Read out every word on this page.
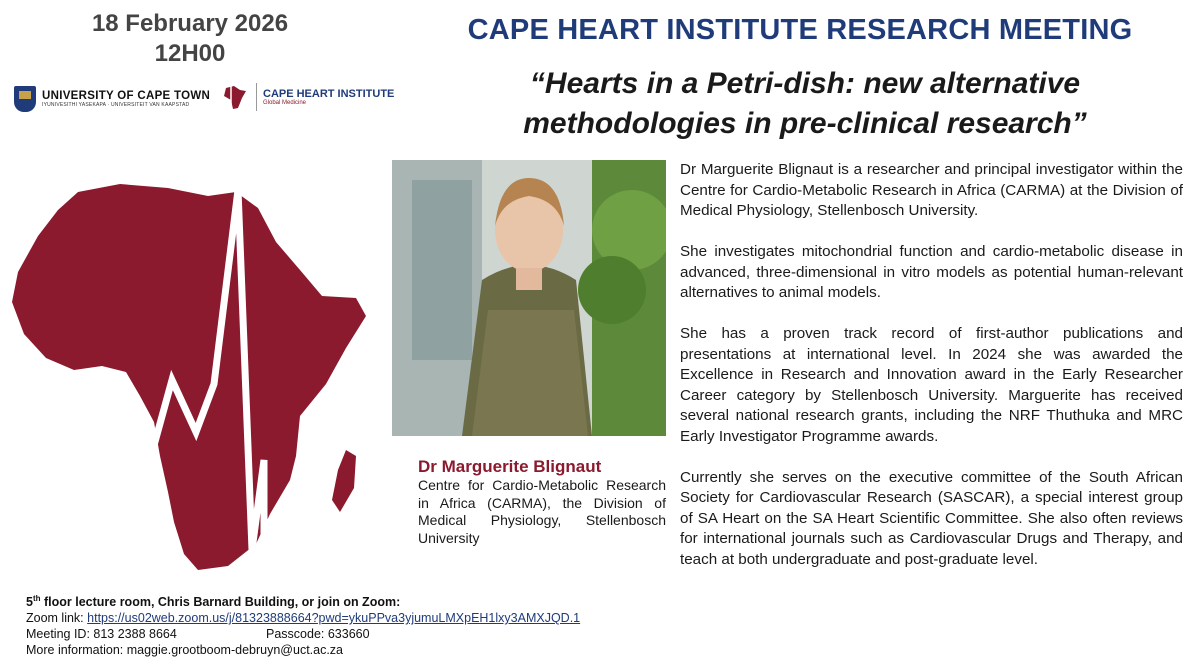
18 February 2026
12H00
CAPE HEART INSTITUTE RESEARCH MEETING
“Hearts in a Petri-dish: new alternative methodologies in pre-clinical research”
UNIVERSITY OF CAPE TOWN
IYUNIVESITHI YASEKAPA · UNIVERSITEIT VAN KAAPSTAD
CAPE HEART INSTITUTE
Global Medicine
Dr Marguerite Blignaut
Centre for Cardio-Metabolic Research in Africa (CARMA), the Division of Medical Physiology, Stellenbosch University

Dr Marguerite Blignaut is a researcher and principal investigator within the Centre for Cardio-Metabolic Research in Africa (CARMA) at the Division of Medical Physiology, Stellenbosch University.

She investigates mitochondrial function and cardio-metabolic disease in advanced, three-dimensional in vitro models as potential human-relevant alternatives to animal models.

She has a proven track record of first-author publications and presentations at international level. In 2024 she was awarded the Excellence in Research and Innovation award in the Early Researcher Career category by Stellenbosch University. Marguerite has received several national research grants, including the NRF Thuthuka and MRC Early Investigator Programme awards.

Currently she serves on the executive committee of the South African Society for Cardiovascular Research (SASCAR), a special interest group of SA Heart on the SA Heart Scientific Committee. She also often reviews for international journals such as Cardiovascular Drugs and Therapy, and teach at both undergraduate and post-graduate level.

5th floor lecture room, Chris Barnard Building, or join on Zoom:
Zoom link: https://us02web.zoom.us/j/81323888664?pwd=ykuPPva3yjumuLMXpEH1lxy3AMXJQD.1
Meeting ID: 813 2388 8664	Passcode: 633660
More information: maggie.grootboom-debruyn@uct.ac.za
